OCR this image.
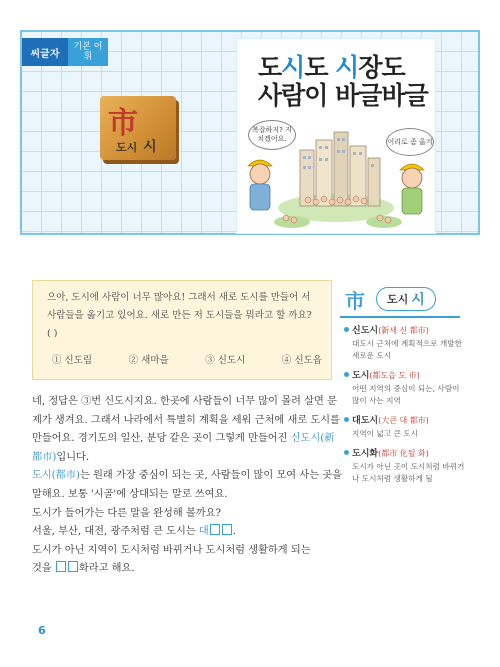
씨글자
기본 어휘
市
도시 시
도시도 시장도
사람이 바글바글
복잡하지? 지치겠어요.	이리로 좀 옮겨
으아, 도시에 사람이 너무 많아요! 그래서 새로 도시를 만들어 서 사람들을 옮기고 있어요. 새로 만든 저 도시들을 뭐라고 할 까요? ( )
① 신도림	② 새마을	③ 신도시	④ 신도읍

네, 정답은 ③번 신도시지요. 한곳에 사람들이 너무 많이 몰려 살면 문제가 생겨요. 그래서 나라에서 특별히 계획을 세워 근처에 새로 도시를 만들어요. 경기도의 일산, 분당 같은 곳이 그렇게 만들어진 신도시(新都市)입니다.

도시(都市)는 원래 가장 중심이 되는 곳, 사람들이 많이 모여 사는 곳을 말해요. 보통 '시골'에 상대되는 말로 쓰여요.

도시가 들어가는 다른 말을 완성해 볼까요?

서울, 부산, 대전, 광주처럼 큰 도시는 대 .

도시가 아닌 지역이 도시처럼 바뀌거나 도시처럼 생활하게 되는

것을 화라고 해요.

市	도시 시
신도시(新새 신 都市)
대도시 근처에 계획적으로 개발한 새로운 도시
도시(都도읍 도 市)
어떤 지역의 중심이 되는, 사람이 많이 사는 지역
대도시(大큰 대 都市)
지역이 넓고 큰 도시
도시화(都市 化될 화)
도시가 아닌 곳이 도시처럼 바뀌거나 도시처럼 생활하게 됨
6
